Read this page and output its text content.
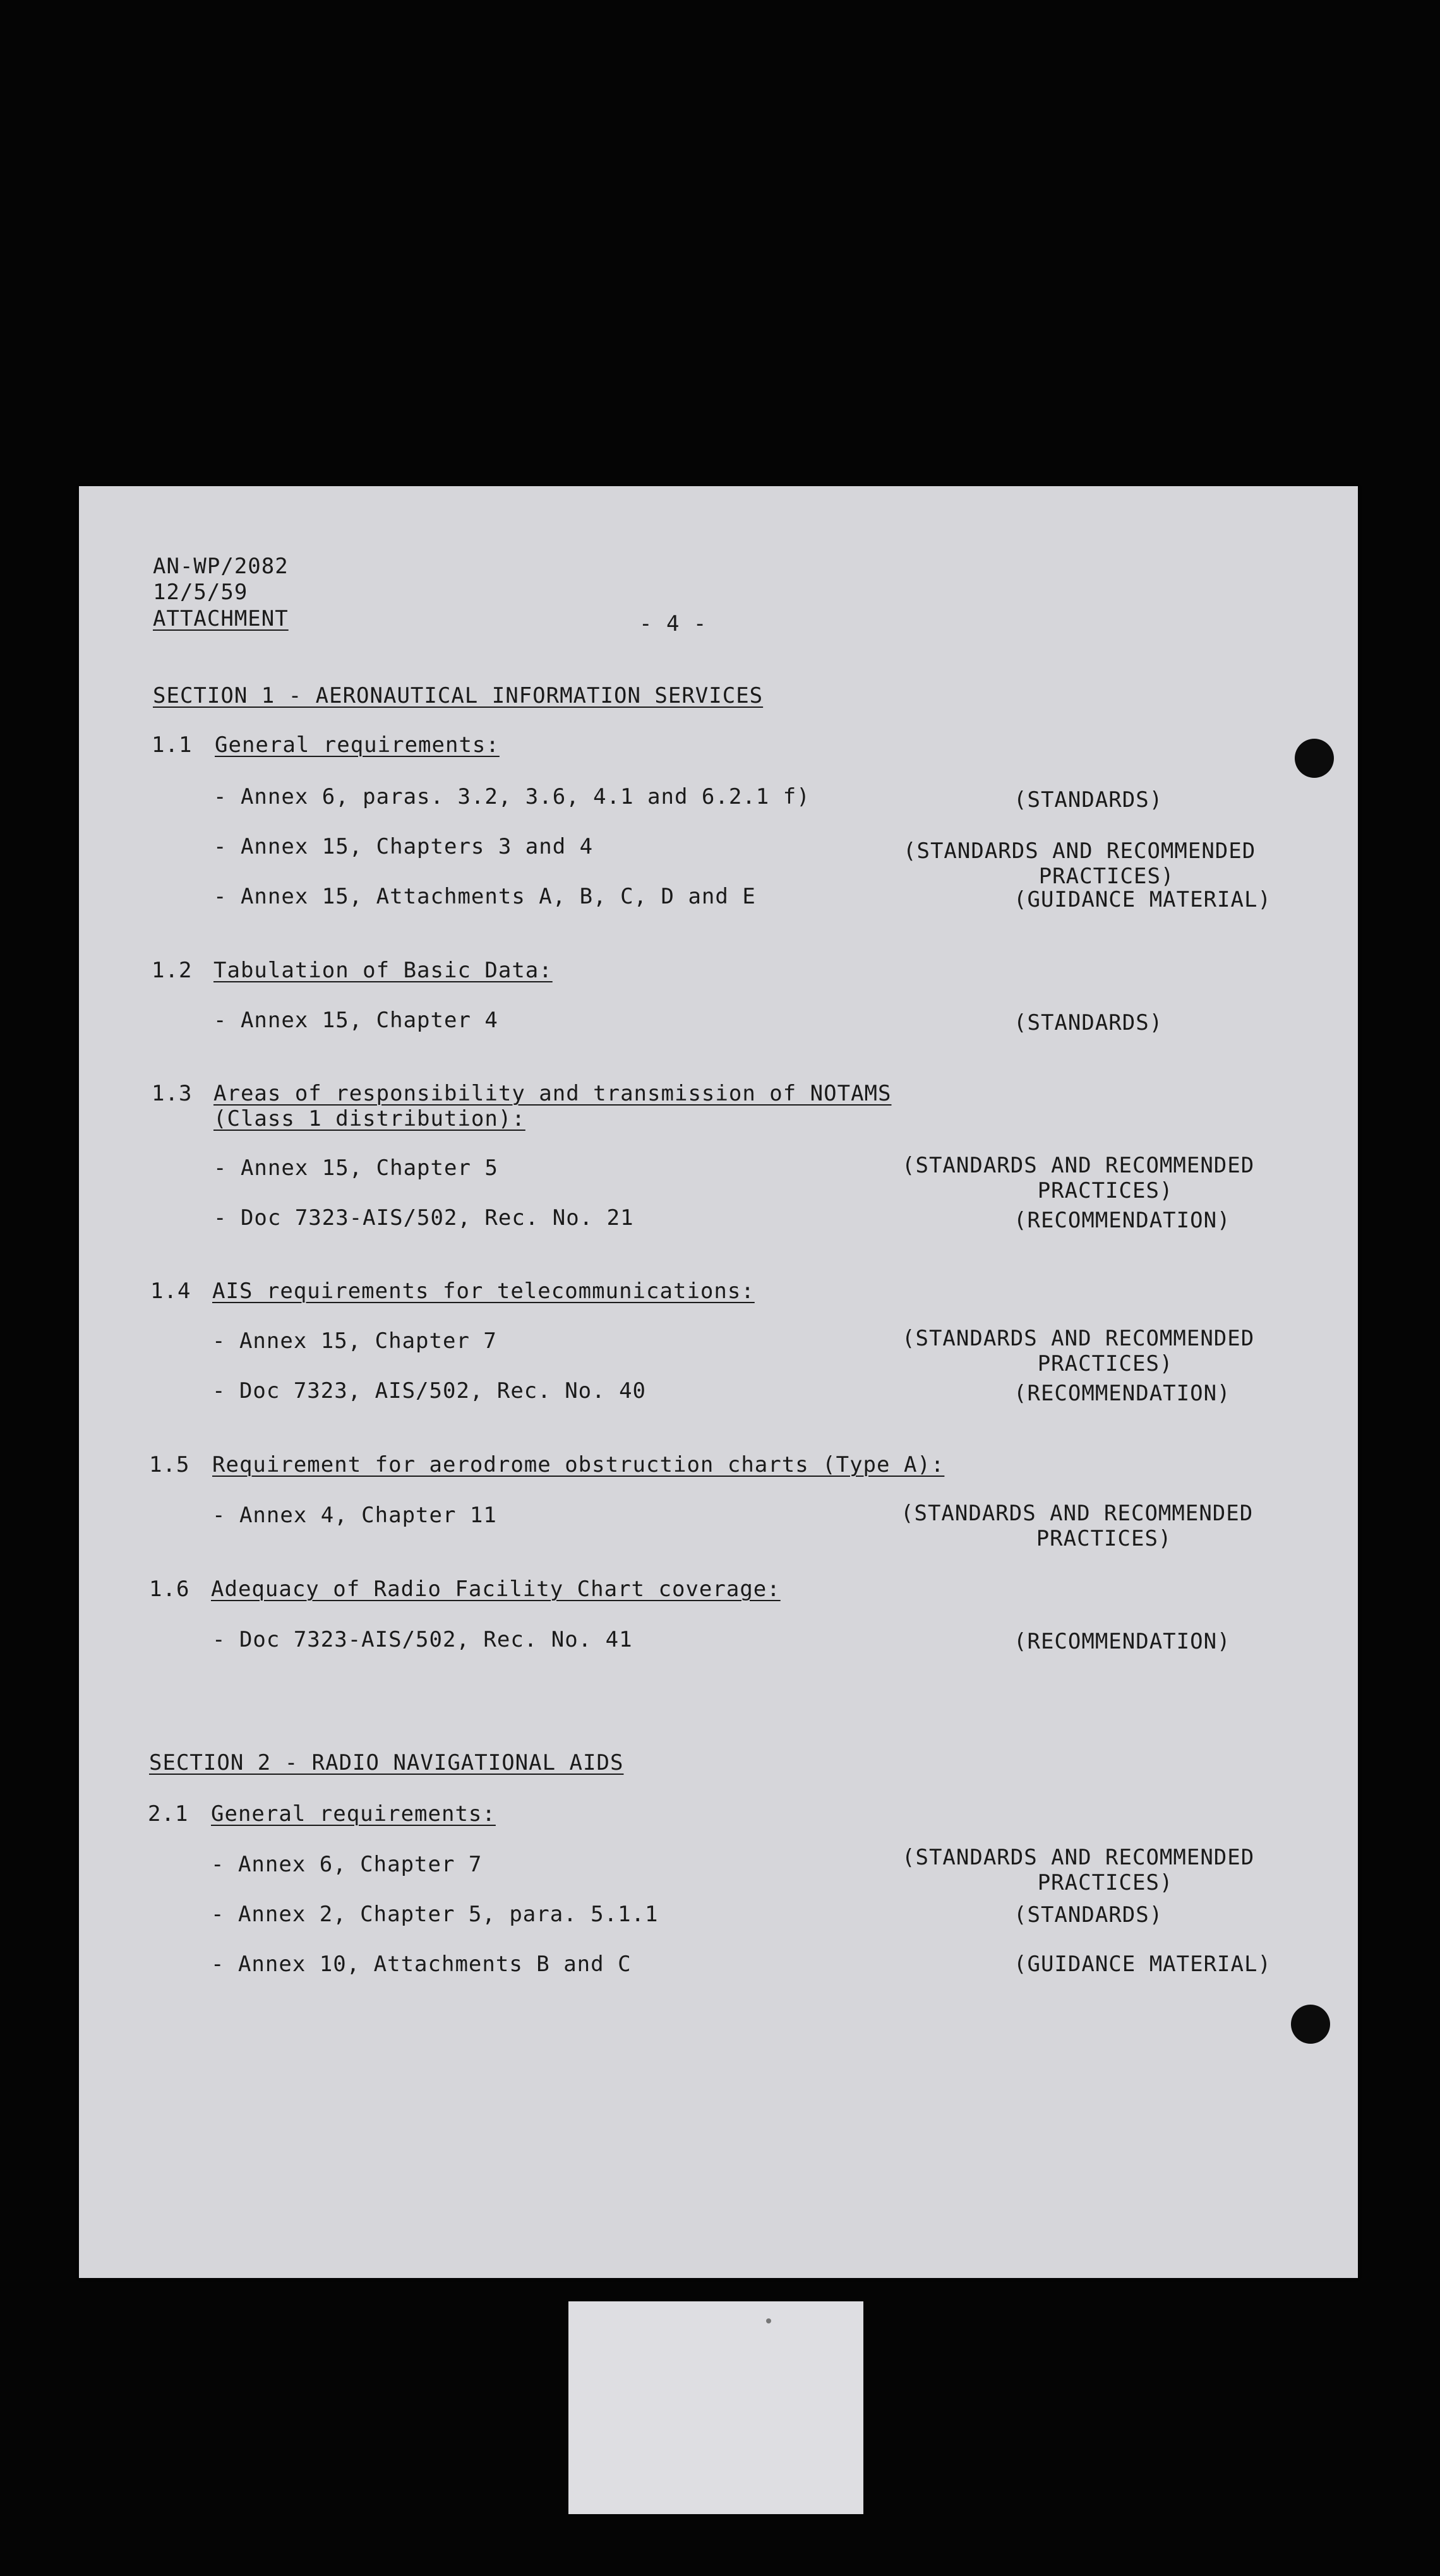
AN-WP/2082
12/5/59
ATTACHMENT	- 4 -
SECTION 1 - AERONAUTICAL INFORMATION SERVICES
1.1 General requirements:
- Annex 6, paras. 3.2, 3.6, 4.1 and 6.2.1 f)	(STANDARDS)
- Annex 15, Chapters 3 and 4	(STANDARDS AND RECOMMENDED
PRACTICES)
- Annex 15, Attachments A, B, C, D and E	(GUIDANCE MATERIAL)
1.2 Tabulation of Basic Data:
- Annex 15, Chapter 4	(STANDARDS)
1.3 Areas of responsibility and transmission of NOTAMS
(Class 1 distribution):
- Annex 15, Chapter 5	(STANDARDS AND RECOMMENDED
PRACTICES)
- Doc 7323-AIS/502, Rec. No. 21	(RECOMMENDATION)
1.4 AIS requirements for telecommunications:
- Annex 15, Chapter 7	(STANDARDS AND RECOMMENDED
PRACTICES)
- Doc 7323, AIS/502, Rec. No. 40	(RECOMMENDATION)
1.5 Requirement for aerodrome obstruction charts (Type A):
- Annex 4, Chapter 11	(STANDARDS AND RECOMMENDED
PRACTICES)
1.6 Adequacy of Radio Facility Chart coverage:
- Doc 7323-AIS/502, Rec. No. 41	(RECOMMENDATION)
SECTION 2 - RADIO NAVIGATIONAL AIDS
2.1 General requirements:
- Annex 6, Chapter 7	(STANDARDS AND RECOMMENDED
PRACTICES)
- Annex 2, Chapter 5, para. 5.1.1	(STANDARDS)
- Annex 10, Attachments B and C	(GUIDANCE MATERIAL)
